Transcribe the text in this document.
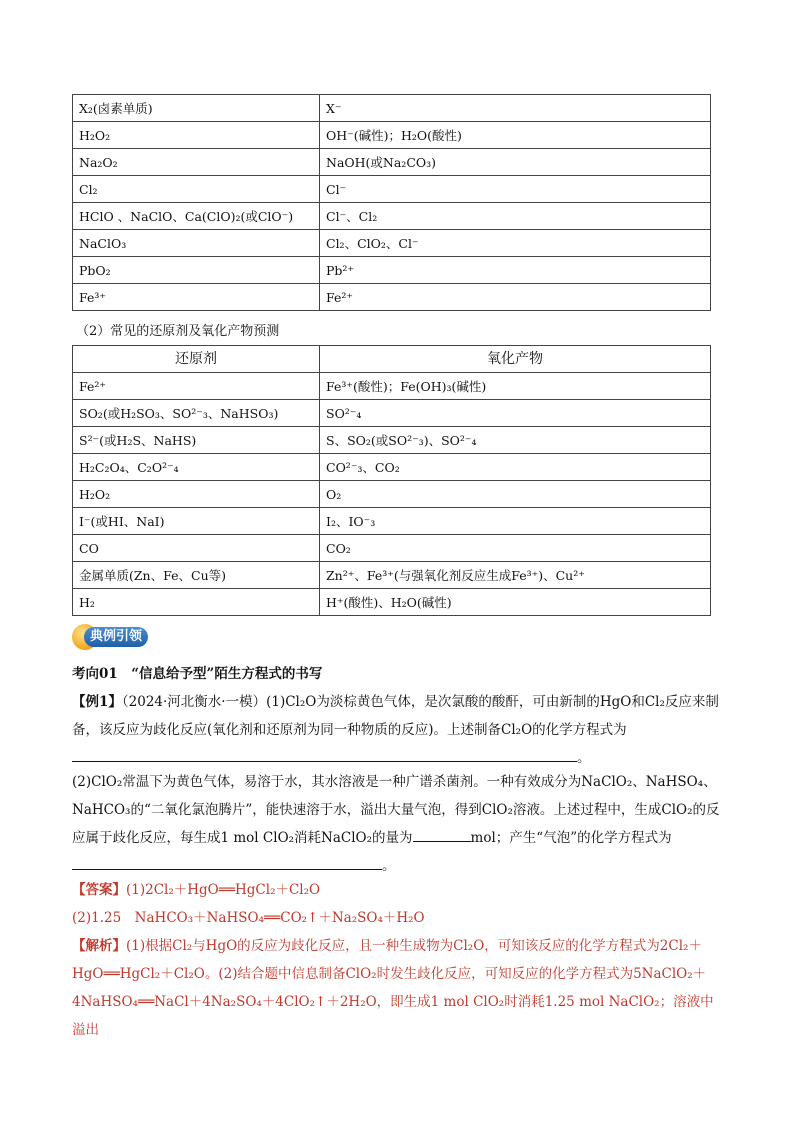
X₂(卤素单质)	X⁻
H₂O₂	OH⁻(碱性)；H₂O(酸性)
Na₂O₂	NaOH(或Na₂CO₃)
Cl₂	Cl⁻
HClO 、NaClO、Ca(ClO)₂(或ClO⁻)	Cl⁻、Cl₂
NaClO₃	Cl₂、ClO₂、Cl⁻
PbO₂	Pb²⁺
Fe³⁺	Fe²⁺
（2）常见的还原剂及氧化产物预测
还原剂	氧化产物
Fe²⁺	Fe³⁺(酸性)；Fe(OH)₃(碱性)
SO₂(或H₂SO₃、SO²⁻₃、NaHSO₃)	SO²⁻₄
S²⁻(或H₂S、NaHS)	S、SO₂(或SO²⁻₃)、SO²⁻₄
H₂C₂O₄、C₂O²⁻₄	CO²⁻₃、CO₂
H₂O₂	O₂
I⁻(或HI、NaI)	I₂、IO⁻₃
CO	CO₂
金属单质(Zn、Fe、Cu等)	Zn²⁺、Fe³⁺(与强氧化剂反应生成Fe³⁺)、Cu²⁺
H₂	H⁺(酸性)、H₂O(碱性)
典例引领
考向01　 “信息给予型”陌生方程式的书写
【例1】（2024·河北衡水·一模）(1)Cl₂O为淡棕黄色气体，是次氯酸的酸酐，可由新制的HgO和Cl₂反应来制备，该反应为歧化反应(氧化剂和还原剂为同一种物质的反应)。上述制备Cl₂O的化学方程式为
。
(2)ClO₂常温下为黄色气体，易溶于水，其水溶液是一种广谱杀菌剂。一种有效成分为NaClO₂、NaHSO₄、NaHCO₃的“二氧化氯泡腾片”，能快速溶于水，溢出大量气泡，得到ClO₂溶液。上述过程中，生成ClO₂的反应属于歧化反应，每生成1 mol ClO₂消耗NaClO₂的量为	mol；产生“气泡”的化学方程式为
。
【答案】(1)2Cl₂＋HgO══HgCl₂＋Cl₂O
(2)1.25　NaHCO₃＋NaHSO₄══CO₂↑＋Na₂SO₄＋H₂O
【解析】(1)根据Cl₂与HgO的反应为歧化反应，且一种生成物为Cl₂O，可知该反应的化学方程式为2Cl₂＋HgO══HgCl₂＋Cl₂O。(2)结合题中信息制备ClO₂时发生歧化反应，可知反应的化学方程式为5NaClO₂＋4NaHSO₄══NaCl＋4Na₂SO₄＋4ClO₂↑＋2H₂O，即生成1 mol ClO₂时消耗1.25 mol NaClO₂；溶液中溢出
